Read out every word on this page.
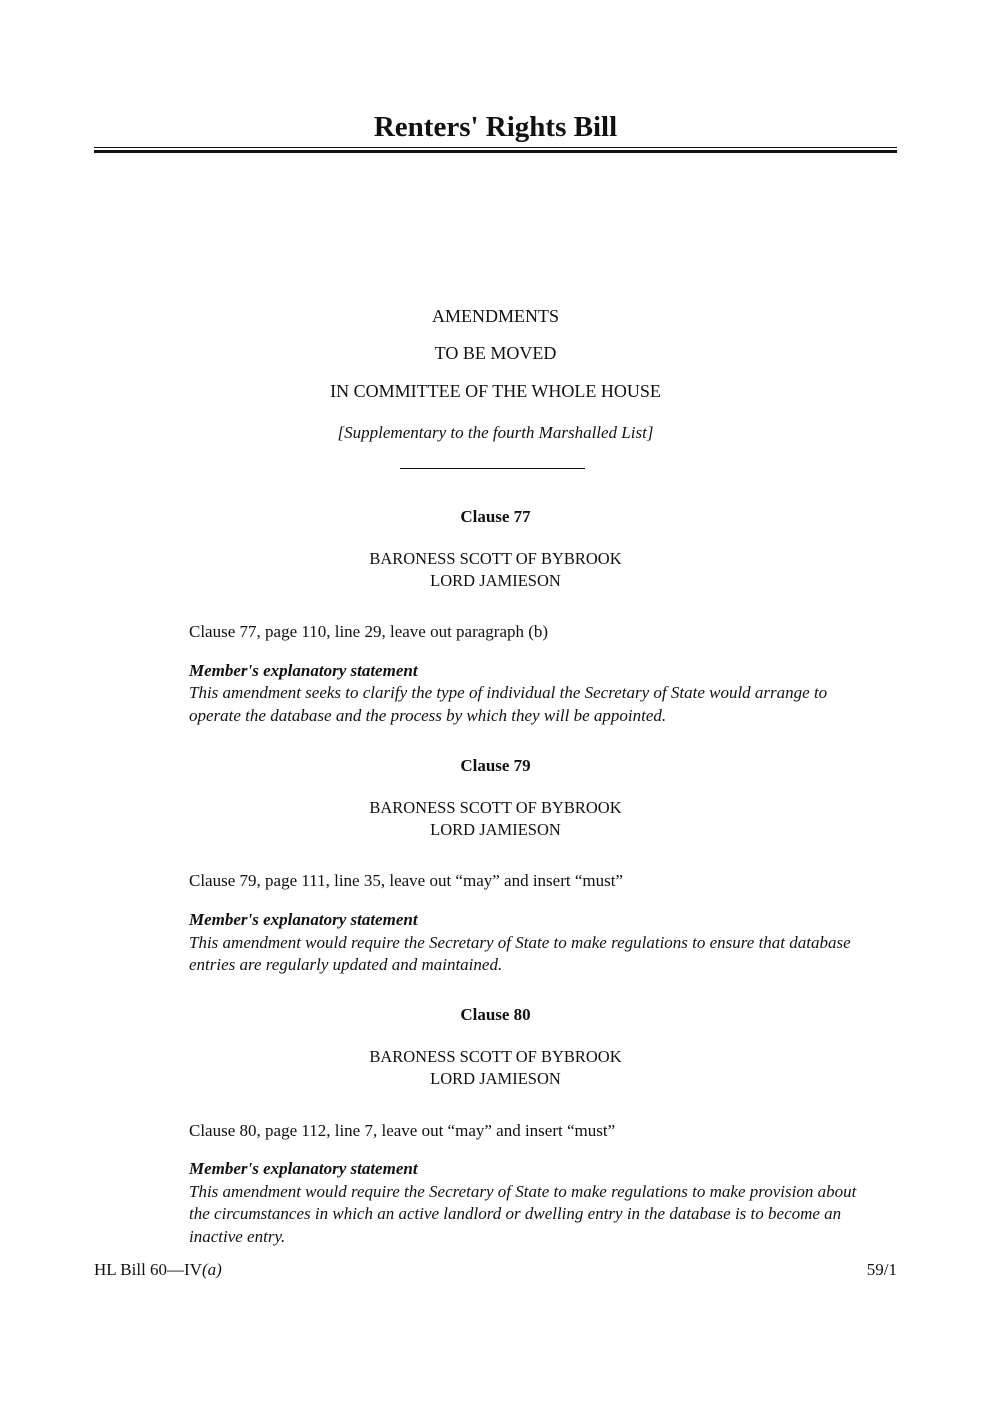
Renters' Rights Bill
AMENDMENTS
TO BE MOVED
IN COMMITTEE OF THE WHOLE HOUSE
[Supplementary to the fourth Marshalled List]
Clause 77
BARONESS SCOTT OF BYBROOK
LORD JAMIESON
Clause 77, page 110, line 29, leave out paragraph (b)
Member's explanatory statement
This amendment seeks to clarify the type of individual the Secretary of State would arrange to
operate the database and the process by which they will be appointed.
Clause 79
BARONESS SCOTT OF BYBROOK
LORD JAMIESON
Clause 79, page 111, line 35, leave out “may” and insert “must”
Member's explanatory statement
This amendment would require the Secretary of State to make regulations to ensure that database
entries are regularly updated and maintained.
Clause 80
BARONESS SCOTT OF BYBROOK
LORD JAMIESON
Clause 80, page 112, line 7, leave out “may” and insert “must”
Member's explanatory statement
This amendment would require the Secretary of State to make regulations to make provision about
the circumstances in which an active landlord or dwelling entry in the database is to become an
inactive entry.
HL Bill 60—IV(a)	59/1
